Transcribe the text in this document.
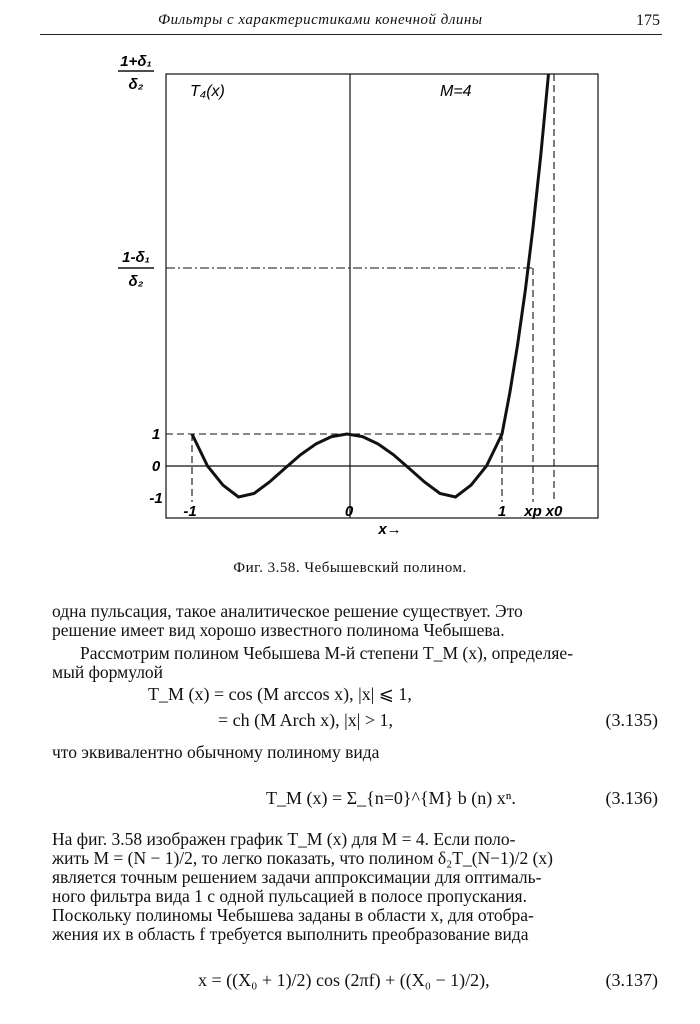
Фильтры с характеристиками конечной длины	175
T₄(x)	M=4
1+δ₁
δ₂
1-δ₁
δ₂
1
0
-1
-1	0	1 xp x0
x→
Фиг. 3.58. Чебышевский полином.
одна пульсация, такое аналитическое решение существует. Это
решение имеет вид хорошо известного полинома Чебышева.
Рассмотрим полином Чебышева M-й степени T_M (x), определяе-
мый формулой
T_M (x) = cos (M arccos x), |x| ⩽ 1,
= ch (M Arch x), |x| > 1,	(3.135)
что эквивалентно обычному полиному вида
T_M (x) = Σ_{n=0}^{M} b (n) xⁿ.	(3.136)
На фиг. 3.58 изображен график T_M (x) для M = 4. Если поло-
жить M = (N − 1)/2, то легко показать, что полином δ₂T_(N−1)/2 (x)
является точным решением задачи аппроксимации для оптималь-
ного фильтра вида 1 с одной пульсацией в полосе пропускания.
Поскольку полиномы Чебышева заданы в области x, для отобра-
жения их в область f требуется выполнить преобразование вида
x = ((X₀ + 1)/2) cos (2πf) + ((X₀ − 1)/2),	(3.137)
